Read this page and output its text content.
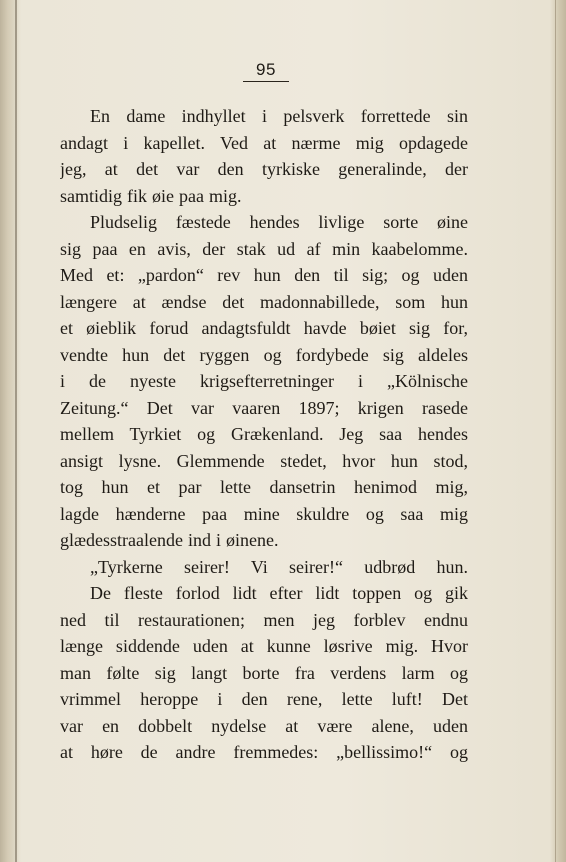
95
En dame indhyllet i pelsverk forrettede sin
andagt i kapellet. Ved at nærme mig opdagede
jeg, at det var den tyrkiske generalinde, der
samtidig fik øie paa mig.
Pludselig fæstede hendes livlige sorte øine
sig paa en avis, der stak ud af min kaabelomme.
Med et: „pardon“ rev hun den til sig; og uden
længere at ændse det madonnabillede, som hun
et øieblik forud andagtsfuldt havde bøiet sig for,
vendte hun det ryggen og fordybede sig aldeles
i de nyeste krigsefterretninger i „Kölnische
Zeitung.“ Det var vaaren 1897; krigen rasede
mellem Tyrkiet og Grækenland. Jeg saa hendes
ansigt lysne. Glemmende stedet, hvor hun stod,
tog hun et par lette dansetrin henimod mig,
lagde hænderne paa mine skuldre og saa mig
glædesstraalende ind i øinene.
„Tyrkerne seirer! Vi seirer!“ udbrød hun.
De fleste forlod lidt efter lidt toppen og gik
ned til restaurationen; men jeg forblev endnu
længe siddende uden at kunne løsrive mig. Hvor
man følte sig langt borte fra verdens larm og
vrimmel heroppe i den rene, lette luft! Det
var en dobbelt nydelse at være alene, uden
at høre de andre fremmedes: „bellissimo!“ og
